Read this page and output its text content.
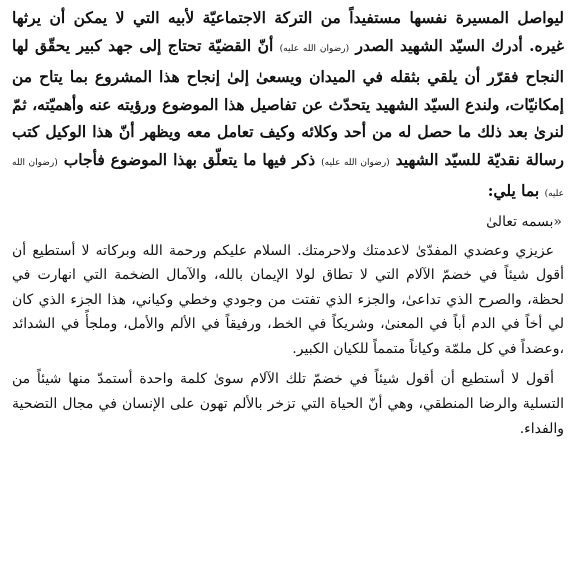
ليواصل المسيرة نفسها مستفيداً من التركة الاجتماعيّة لأبيه التي لا يمكن أن يرثها غيره. أدرك السيّد الشهيد الصدر (رضوان الله عليه) أنّ القضيّة تحتاج إلى جهد كبير يحقّق لها النجاح فقرّر أن يلقي بثقله في الميدان ويسعىٰ إلىٰ إنجاح هذا المشروع بما يتاح من إمكانيّات، ولندع السيّد الشهيد يتحدّث عن تفاصيل هذا الموضوع ورؤيته عنه وأهميّته، ثمّ لنرىٰ بعد ذلك ما حصل له من أحد وكلائه وكيف تعامل معه ويظهر أنّ هذا الوكيل كتب رسالة نقديّة للسيّد الشهيد (رضوان الله عليه) ذكر فيها ما يتعلّق بهذا الموضوع فأجاب (رضوان الله عليه) بما يلي:

«بسمه تعالىٰ

عزيزي وعضدي المفدّىٰ لاعدمتك ولاحرمتك. السلام عليكم ورحمة الله وبركاته لا أستطيع أن أقول شيئاً في خضمّ الآلام التي لا تطاق لولا الإيمان بالله، والآمال الضخمة التي انهارت في لحظة، والصرح الذي تداعىٰ، والجزء الذي تفتت من وجودي وخطي وكياني، هذا الجزء الذي كان لي أخاً في الدم أباً في المعنىٰ، وشريكاً في الخط، ورفيقاً في الألم والأمل، وملجأً في الشدائد ،وعضداً في كل ملمّة وكياناً متمماً للكيان الكبير.

أقول لا أستطيع أن أقول شيئاً في خضمّ تلك الآلام سوىٰ كلمة واحدة أستمدّ منها شيئاً من التسلية والرضا المنطقي، وهي أنّ الحياة التي تزخر بالألم تهون على الإنسان في مجال التضحية والفداء.
